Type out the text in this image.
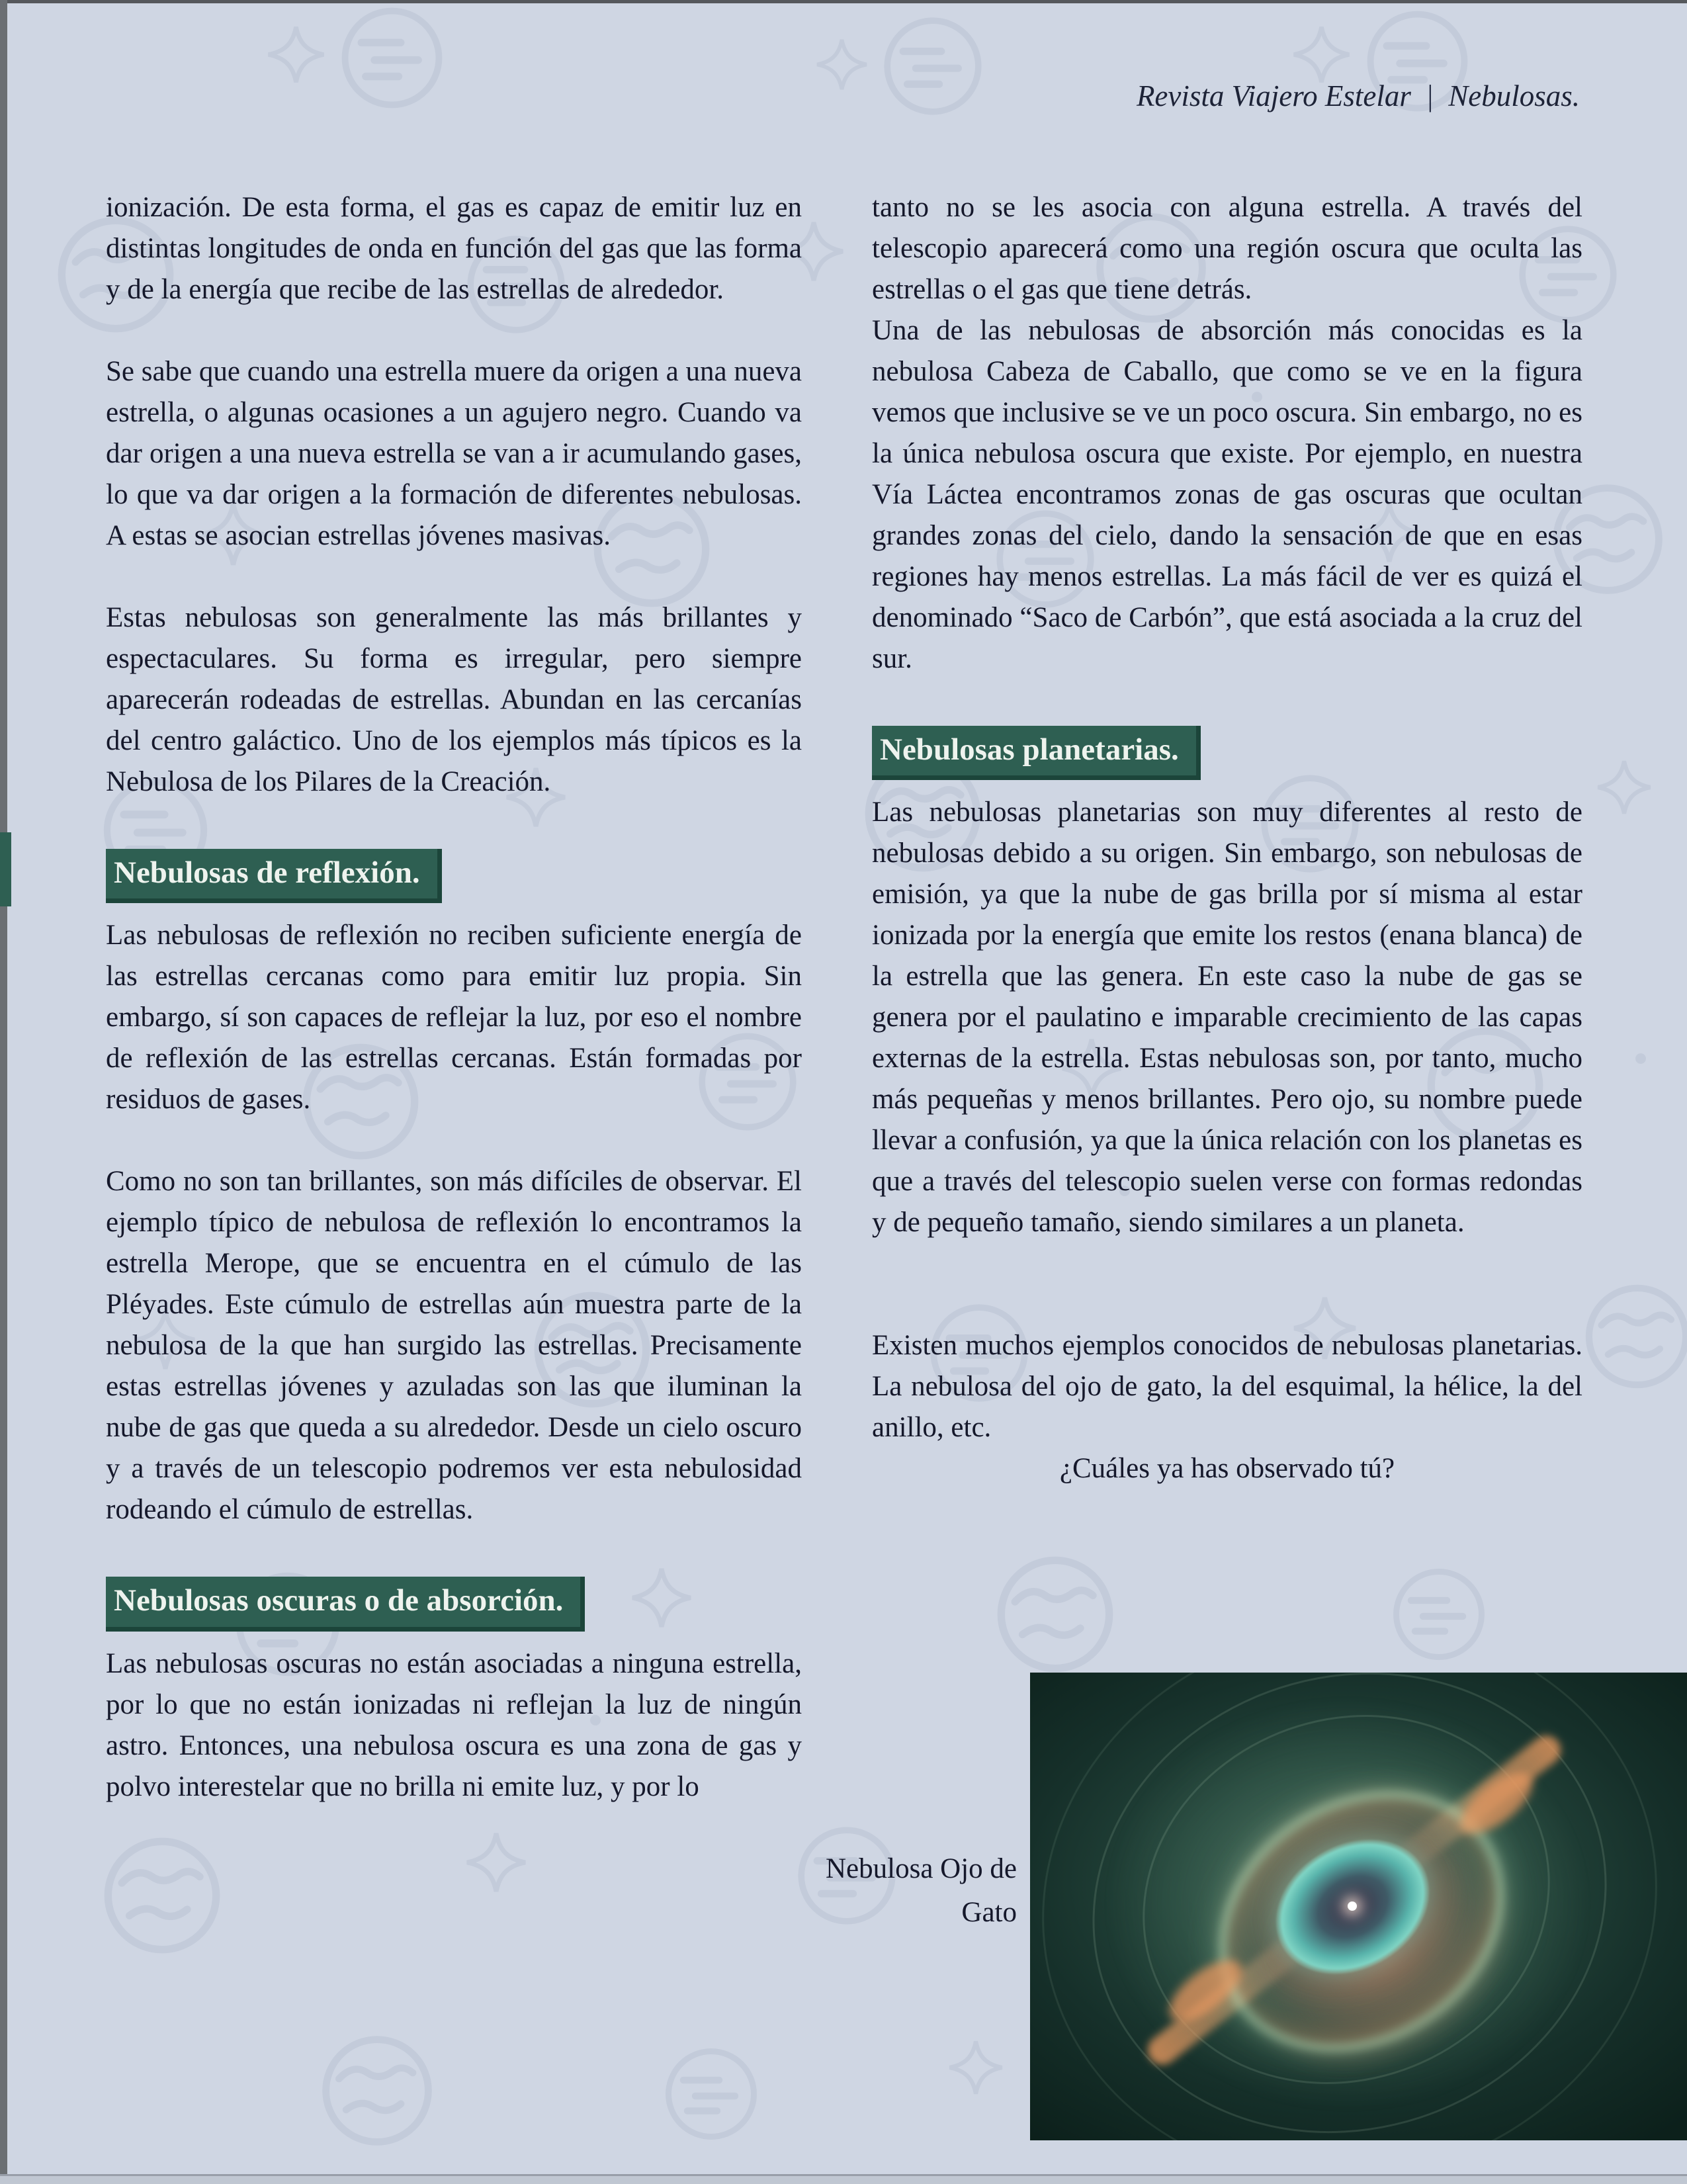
Revista Viajero Estelar | Nebulosas.

ionización. De esta forma, el gas es capaz de emitir luz en distintas longitudes de onda en función del gas que las forma y de la energía que recibe de las estrellas de alrededor.

Se sabe que cuando una estrella muere da origen a una nueva estrella, o algunas ocasiones a un agujero negro. Cuando va dar origen a una nueva estrella se van a ir acumulando gases, lo que va dar origen a la formación de diferentes nebulosas. A estas se asocian estrellas jóvenes masivas.

Estas nebulosas son generalmente las más brillantes y espectaculares. Su forma es irregular, pero siempre aparecerán rodeadas de estrellas. Abundan en las cercanías del centro galáctico. Uno de los ejemplos más típicos es la Nebulosa de los Pilares de la Creación.

Nebulosas de reflexión.

Las nebulosas de reflexión no reciben suficiente energía de las estrellas cercanas como para emitir luz propia. Sin embargo, sí son capaces de reflejar la luz, por eso el nombre de reflexión de las estrellas cercanas. Están formadas por residuos de gases.

Como no son tan brillantes, son más difíciles de observar. El ejemplo típico de nebulosa de reflexión lo encontramos la estrella Merope, que se encuentra en el cúmulo de las Pléyades. Este cúmulo de estrellas aún muestra parte de la nebulosa de la que han surgido las estrellas. Precisamente estas estrellas jóvenes y azuladas son las que iluminan la nube de gas que queda a su alrededor. Desde un cielo oscuro y a través de un telescopio podremos ver esta nebulosidad rodeando el cúmulo de estrellas.

Nebulosas oscuras o de absorción.

Las nebulosas oscuras no están asociadas a ninguna estrella, por lo que no están ionizadas ni reflejan la luz de ningún astro. Entonces, una nebulosa oscura es una zona de gas y polvo interestelar que no brilla ni emite luz, y por lo

tanto no se les asocia con alguna estrella. A través del telescopio aparecerá como una región oscura que oculta las estrellas o el gas que tiene detrás.

Una de las nebulosas de absorción más conocidas es la nebulosa Cabeza de Caballo, que como se ve en la figura vemos que inclusive se ve un poco oscura. Sin embargo, no es la única nebulosa oscura que existe. Por ejemplo, en nuestra Vía Láctea encontramos zonas de gas oscuras que ocultan grandes zonas del cielo, dando la sensación de que en esas regiones hay menos estrellas. La más fácil de ver es quizá el denominado “Saco de Carbón”, que está asociada a la cruz del sur.

Nebulosas planetarias.

Las nebulosas planetarias son muy diferentes al resto de nebulosas debido a su origen. Sin embargo, son nebulosas de emisión, ya que la nube de gas brilla por sí misma al estar ionizada por la energía que emite los restos (enana blanca) de la estrella que las genera. En este caso la nube de gas se genera por el paulatino e imparable crecimiento de las capas externas de la estrella. Estas nebulosas son, por tanto, mucho más pequeñas y menos brillantes. Pero ojo, su nombre puede llevar a confusión, ya que la única relación con los planetas es que a través del telescopio suelen verse con formas redondas y de pequeño tamaño, siendo similares a un planeta.

Existen muchos ejemplos conocidos de nebulosas planetarias. La nebulosa del ojo de gato, la del esquimal, la hélice, la del anillo, etc.

¿Cuáles ya has observado tú?

Nebulosa Ojo de Gato
